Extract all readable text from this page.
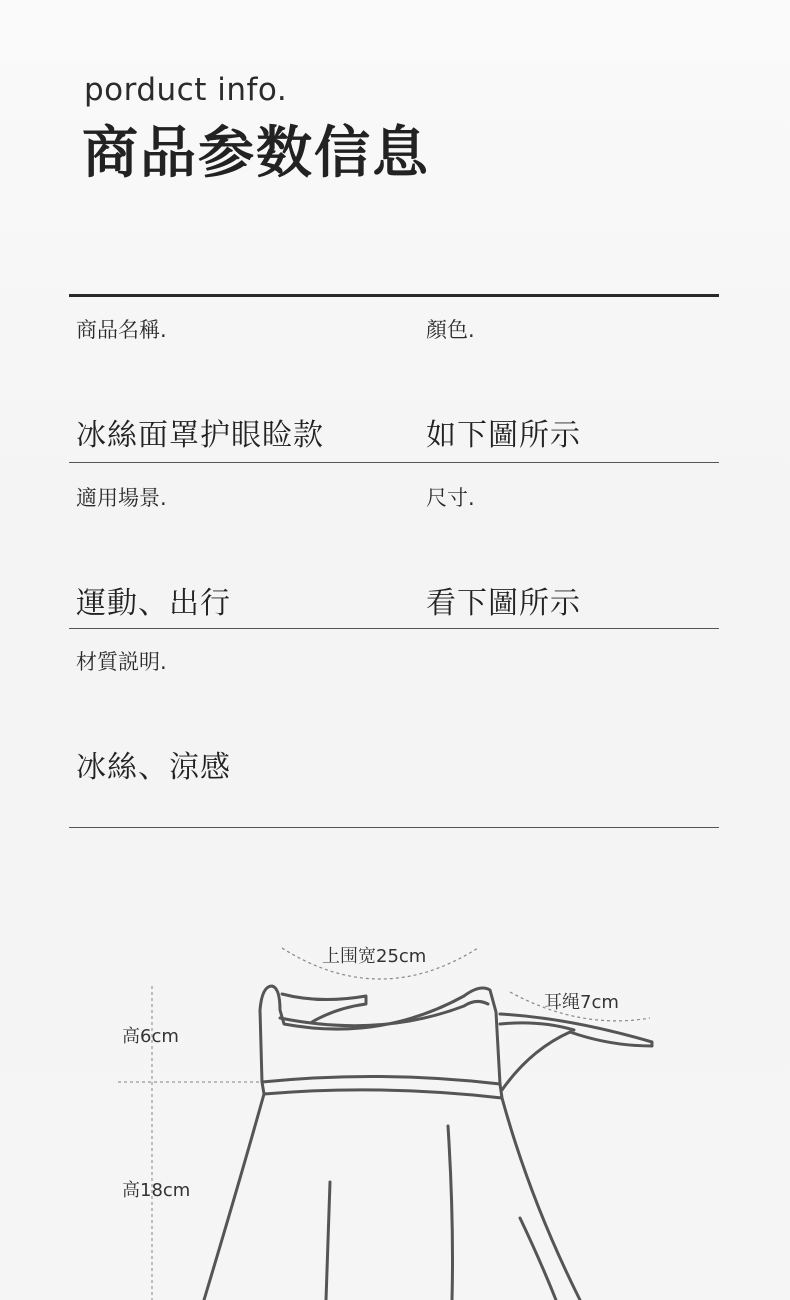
porduct info.
商品参数信息
商品名稱.
冰絲面罩护眼睑款
顏色.
如下圖所示
適用場景.
運動、出行
尺寸.
看下圖所示
材質説明.
冰絲、涼感
上围宽25cm
耳绳7cm
高6cm
高18cm
